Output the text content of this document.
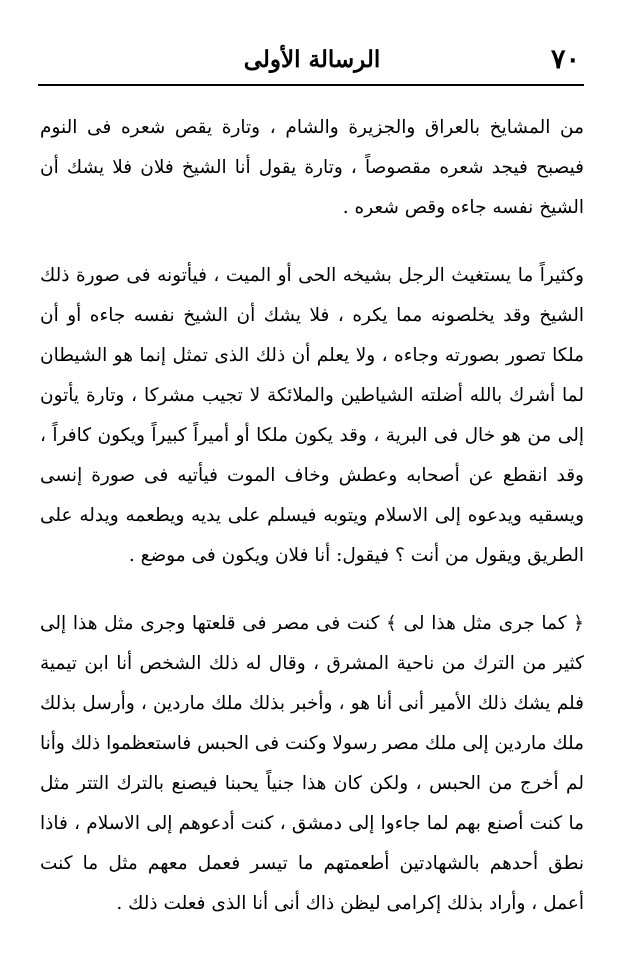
٧٠
الرسالة الأولى

من المشايخ بالعراق والجزيرة والشام ، وتارة يقص شعره فى النوم فيصبح فيجد شعره مقصوصاً ، وتارة يقول أنا الشيخ فلان فلا يشك أن الشيخ نفسه جاءه وقص شعره .

وكثيراً ما يستغيث الرجل بشيخه الحى أو الميت ، فيأتونه فى صورة ذلك الشيخ وقد يخلصونه مما يكره ، فلا يشك أن الشيخ نفسه جاءه أو أن ملكا تصور بصورته وجاءه ، ولا يعلم أن ذلك الذى تمثل إنما هو الشيطان لما أشرك بالله أضلته الشياطين والملائكة لا تجيب مشركا ، وتارة يأتون إلى من هو خال فى البرية ، وقد يكون ملكا أو أميراً كبيراً ويكون كافراً ، وقد انقطع عن أصحابه وعطش وخاف الموت فيأتيه فى صورة إنسى ويسقيه ويدعوه إلى الاسلام ويتوبه فيسلم على يديه ويطعمه ويدله على الطريق ويقول من أنت ؟ فيقول: أنا فلان ويكون فى موضع .

﴿ كما جرى مثل هذا لى ﴾ كنت فى مصر فى قلعتها وجرى مثل هذا إلى كثير من الترك من ناحية المشرق ، وقال له ذلك الشخص أنا ابن تيمية فلم يشك ذلك الأمير أنى أنا هو ، وأخبر بذلك ملك ماردين ، وأرسل بذلك ملك ماردين إلى ملك مصر رسولا وكنت فى الحبس فاستعظموا ذلك وأنا لم أخرج من الحبس ، ولكن كان هذا جنياً يحبنا فيصنع بالترك التتر مثل ما كنت أصنع بهم لما جاءوا إلى دمشق ، كنت أدعوهم إلى الاسلام ، فاذا نطق أحدهم بالشهادتين أطعمتهم ما تيسر فعمل معهم مثل ما كنت أعمل ، وأراد بذلك إكرامى ليظن ذاك أنى أنا الذى فعلت ذلك .
